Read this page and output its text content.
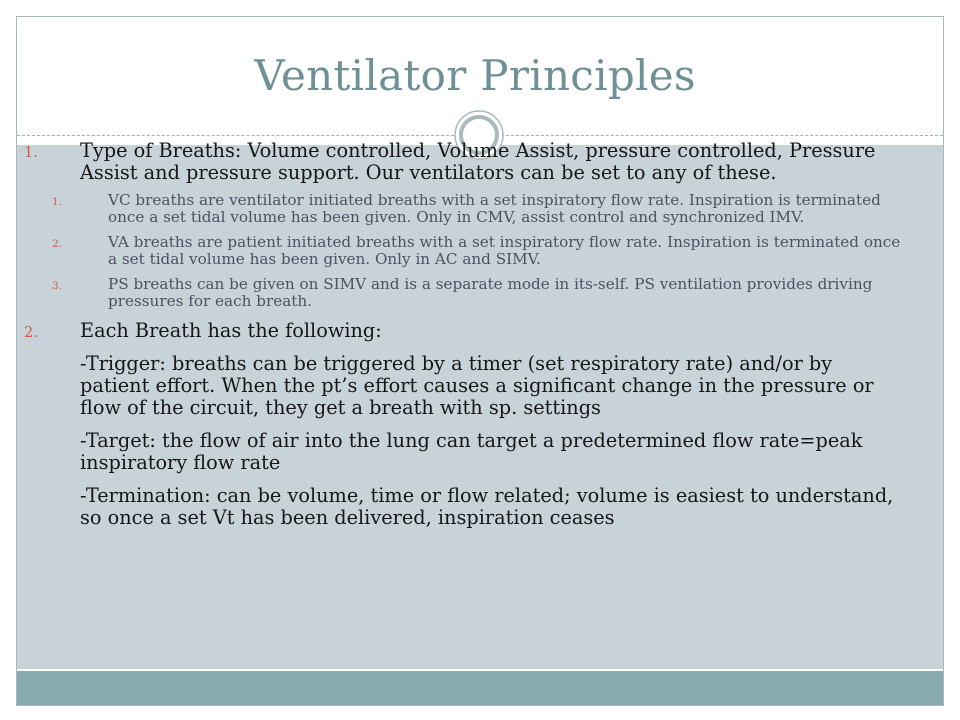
Ventilator Principles
1. Type of Breaths: Volume controlled, Volume Assist, pressure controlled, Pressure Assist and pressure support. Our ventilators can be set to any of these.
1.	VC breaths are ventilator initiated breaths with a set inspiratory flow rate. Inspiration is terminated once a set tidal volume has been given. Only in CMV, assist control and synchronized IMV.
2.	VA breaths are patient initiated breaths with a set inspiratory flow rate. Inspiration is terminated once a set tidal volume has been given. Only in AC and SIMV.
3.	PS breaths can be given on SIMV and is a separate mode in its-self. PS ventilation provides driving pressures for each breath.
2. Each Breath has the following:
-Trigger: breaths can be triggered by a timer (set respiratory rate) and/or by patient effort. When the pt’s effort causes a significant change in the pressure or flow of the circuit, they get a breath with sp. settings
-Target: the flow of air into the lung can target a predetermined flow rate=peak inspiratory flow rate
-Termination: can be volume, time or flow related; volume is easiest to understand, so once a set Vt has been delivered, inspiration ceases
